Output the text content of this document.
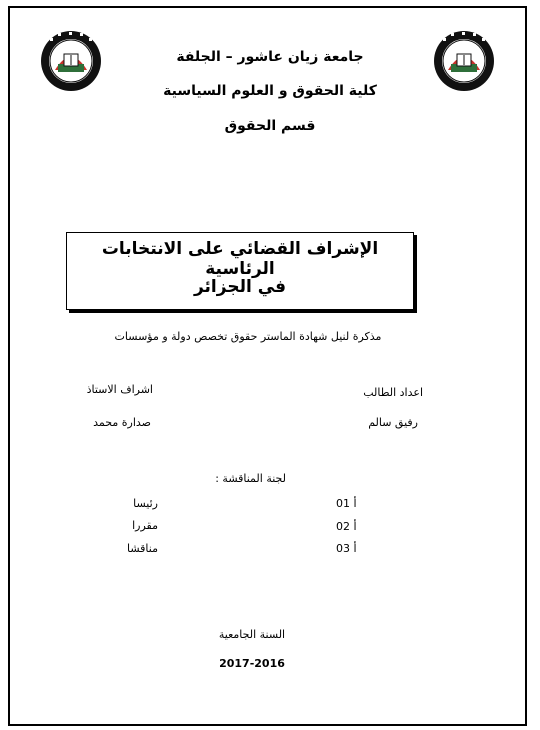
جامعة زيان عاشور – الجلفة
كلية الحقوق و العلوم السياسية
قسم الحقوق
الإشراف القضائي على الانتخابات الرئاسية
في الجزائر
مذكرة لنيل شهادة الماستر حقوق تخصص دولة و مؤسسات
اعداد الطالب
اشراف الاستاذ
رفيق سالم
صدارة محمد
لجنة المناقشة :
01 أ
02 أ
03 أ
رئيسا
مقررا
مناقشا
السنة الجامعية
2017-2016
